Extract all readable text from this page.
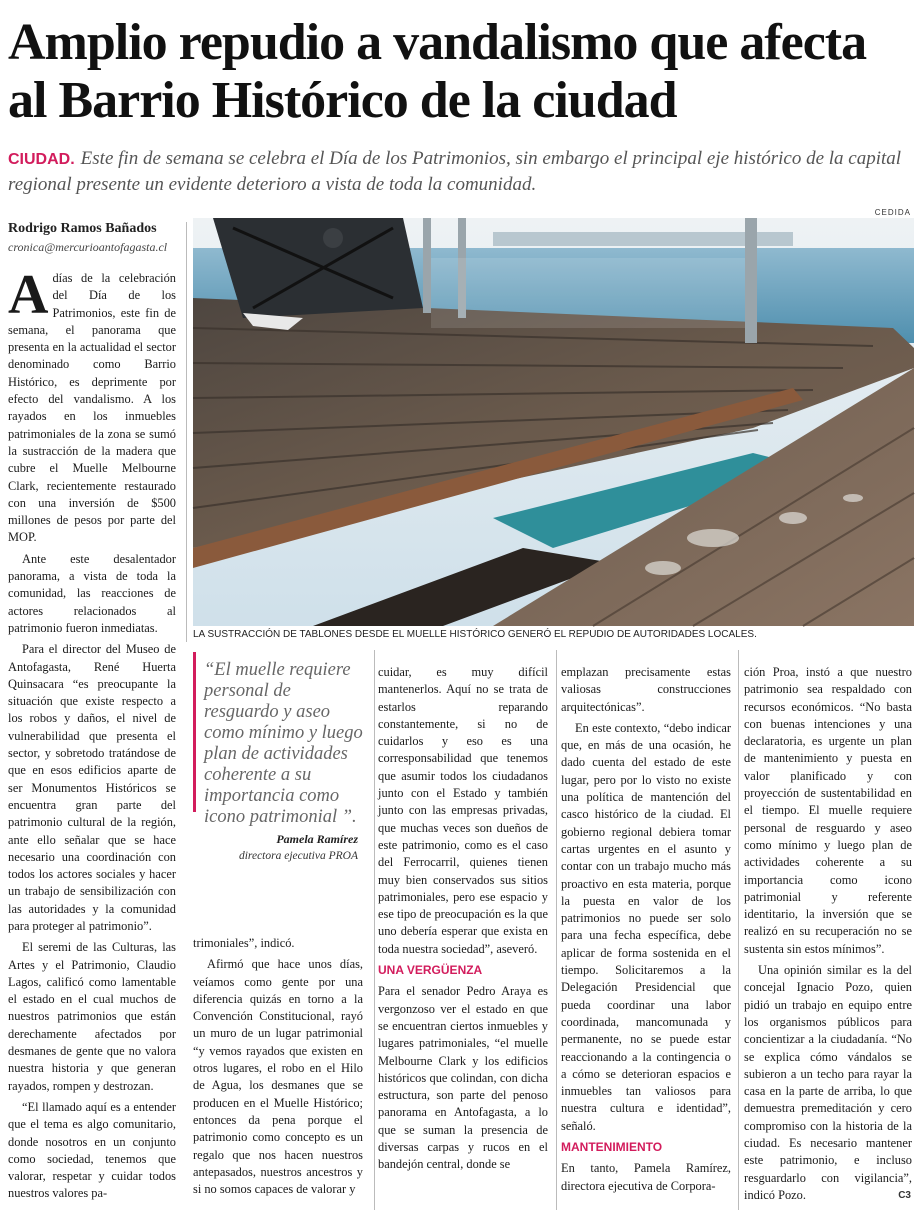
Amplio repudio a vandalismo que afecta al Barrio Histórico de la ciudad

CIUDAD. Este fin de semana se celebra el Día de los Patrimonios, sin embargo el principal eje histórico de la capital regional presente un evidente deterioro a vista de toda la comunidad.

Rodrigo Ramos Bañados
cronica@mercurioantofagasta.cl
CEDIDA
LA SUSTRACCIÓN DE TABLONES DESDE EL MUELLE HISTÓRICO GENERÓ EL REPUDIO DE AUTORIDADES LOCALES.

Adías de la celebración del Día de los Patrimonios, este fin de semana, el panorama que presenta en la actualidad el sector denominado como Barrio Histórico, es deprimente por efecto del vandalismo. A los rayados en los inmuebles patrimoniales de la zona se sumó la sustracción de la madera que cubre el Muelle Melbourne Clark, recientemente restaurado con una inversión de $500 millones de pesos por parte del MOP.

Ante este desalentador panorama, a vista de toda la comunidad, las reacciones de actores relacionados al patrimonio fueron inmediatas.

Para el director del Museo de Antofagasta, René Huerta Quinsacara “es preocupante la situación que existe respecto a los robos y daños, el nivel de vulnerabilidad que presenta el sector, y sobretodo tratándose de que en esos edificios aparte de ser Monumentos Históricos se encuentra gran parte del patrimonio cultural de la región, ante ello señalar que se hace necesario una coordinación con todos los actores sociales y hacer un trabajo de sensibilización con las autoridades y la comunidad para proteger al patrimonio”.

El seremi de las Culturas, las Artes y el Patrimonio, Claudio Lagos, calificó como lamentable el estado en el cual muchos de nuestros patrimonios que están derechamente afectados por desmanes de gente que no valora nuestra historia y que generan rayados, rompen y destrozan.

“El llamado aquí es a entender que el tema es algo comunitario, donde nosotros en un conjunto como sociedad, tenemos que valorar, respetar y cuidar todos nuestros valores pa-

“El muelle requiere personal de resguardo y aseo como mínimo y luego plan de actividades coherente a su importancia como icono patrimonial ”.

Pamela Ramírez
directora ejecutiva PROA

trimoniales”, indicó.

Afirmó que hace unos días, veíamos como gente por una diferencia quizás en torno a la Convención Constitucional, rayó un muro de un lugar patrimonial “y vemos rayados que existen en otros lugares, el robo en el Hilo de Agua, los desmanes que se producen en el Muelle Histórico; entonces da pena porque el patrimonio como concepto es un regalo que nos hacen nuestros antepasados, nuestros ancestros y si no somos capaces de valorar y

cuidar, es muy difícil mantenerlos. Aquí no se trata de estarlos reparando constantemente, si no de cuidarlos y eso es una corresponsabilidad que tenemos que asumir todos los ciudadanos junto con el Estado y también junto con las empresas privadas, que muchas veces son dueños de este patrimonio, como es el caso del Ferrocarril, quienes tienen muy bien conservados sus sitios patrimoniales, pero ese espacio y ese tipo de preocupación es la que uno debería esperar que exista en toda nuestra sociedad”, aseveró.

UNA VERGÜENZA

Para el senador Pedro Araya es vergonzoso ver el estado en que se encuentran ciertos inmuebles y lugares patrimoniales, “el muelle Melbourne Clark y los edificios históricos que colindan, con dicha estructura, son parte del penoso panorama en Antofagasta, a lo que se suman la presencia de diversas carpas y rucos en el bandejón central, donde se

emplazan precisamente estas valiosas construcciones arquitectónicas”.

En este contexto, “debo indicar que, en más de una ocasión, he dado cuenta del estado de este lugar, pero por lo visto no existe una política de mantención del casco histórico de la ciudad. El gobierno regional debiera tomar cartas urgentes en el asunto y contar con un trabajo mucho más proactivo en esta materia, porque la puesta en valor de los patrimonios no puede ser solo para una fecha específica, debe aplicar de forma sostenida en el tiempo. Solicitaremos a la Delegación Presidencial que pueda coordinar una labor coordinada, mancomunada y permanente, no se puede estar reaccionando a la contingencia o a cómo se deterioran espacios e inmuebles tan valiosos para nuestra cultura e identidad”, señaló.

MANTENIMIENTO

En tanto, Pamela Ramírez, directora ejecutiva de Corpora-

ción Proa, instó a que nuestro patrimonio sea respaldado con recursos económicos. “No basta con buenas intenciones y una declaratoria, es urgente un plan de mantenimiento y puesta en valor planificado y con proyección de sustentabilidad en el tiempo. El muelle requiere personal de resguardo y aseo como mínimo y luego plan de actividades coherente a su importancia como icono patrimonial y referente identitario, la inversión que se realizó en su recuperación no se sustenta sin estos mínimos”.

Una opinión similar es la del concejal Ignacio Pozo, quien pidió un trabajo en equipo entre los organismos públicos para concientizar a la ciudadanía. “No se explica cómo vándalos se subieron a un techo para rayar la casa en la parte de arriba, lo que demuestra premeditación y cero compromiso con la historia de la ciudad. Es necesario mantener este patrimonio, e incluso resguardarlo con vigilancia”, indicó Pozo.	C3
